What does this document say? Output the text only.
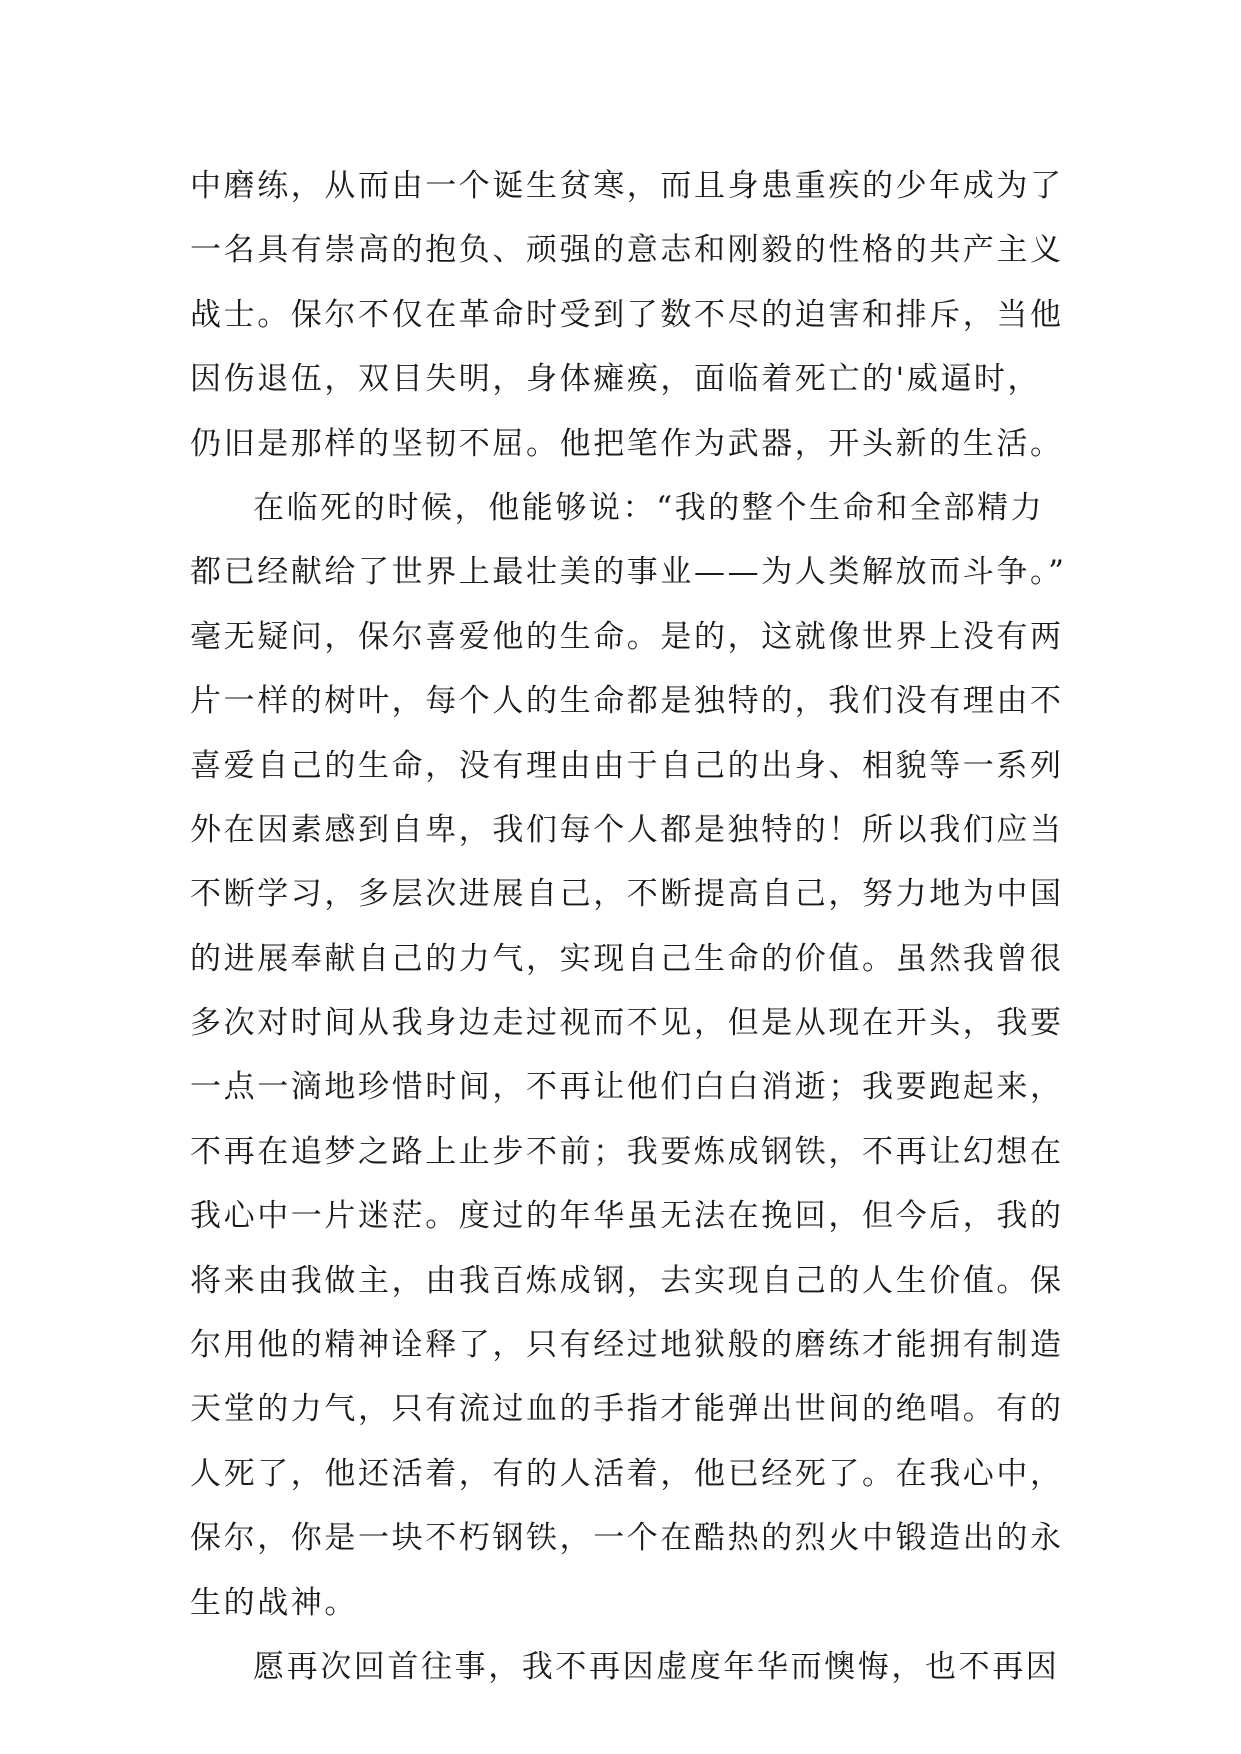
中磨练，从而由一个诞生贫寒，而且身患重疾的少年成为了
一名具有崇高的抱负、顽强的意志和刚毅的性格的共产主义
战士。保尔不仅在革命时受到了数不尽的迫害和排斥，当他
因伤退伍，双目失明，身体瘫痪，面临着死亡的'威逼时，
仍旧是那样的坚韧不屈。他把笔作为武器，开头新的生活。
在临死的时候，他能够说：“我的整个生命和全部精力
都已经献给了世界上最壮美的事业——为人类解放而斗争。”
毫无疑问，保尔喜爱他的生命。是的，这就像世界上没有两
片一样的树叶，每个人的生命都是独特的，我们没有理由不
喜爱自己的生命，没有理由由于自己的出身、相貌等一系列
外在因素感到自卑，我们每个人都是独特的！所以我们应当
不断学习，多层次进展自己，不断提高自己，努力地为中国
的进展奉献自己的力气，实现自己生命的价值。虽然我曾很
多次对时间从我身边走过视而不见，但是从现在开头，我要
一点一滴地珍惜时间，不再让他们白白消逝；我要跑起来，
不再在追梦之路上止步不前；我要炼成钢铁，不再让幻想在
我心中一片迷茫。度过的年华虽无法在挽回，但今后，我的
将来由我做主，由我百炼成钢，去实现自己的人生价值。保
尔用他的精神诠释了，只有经过地狱般的磨练才能拥有制造
天堂的力气，只有流过血的手指才能弹出世间的绝唱。有的
人死了，他还活着，有的人活着，他已经死了。在我心中，
保尔，你是一块不朽钢铁，一个在酷热的烈火中锻造出的永
生的战神。
愿再次回首往事，我不再因虚度年华而懊悔，也不再因
